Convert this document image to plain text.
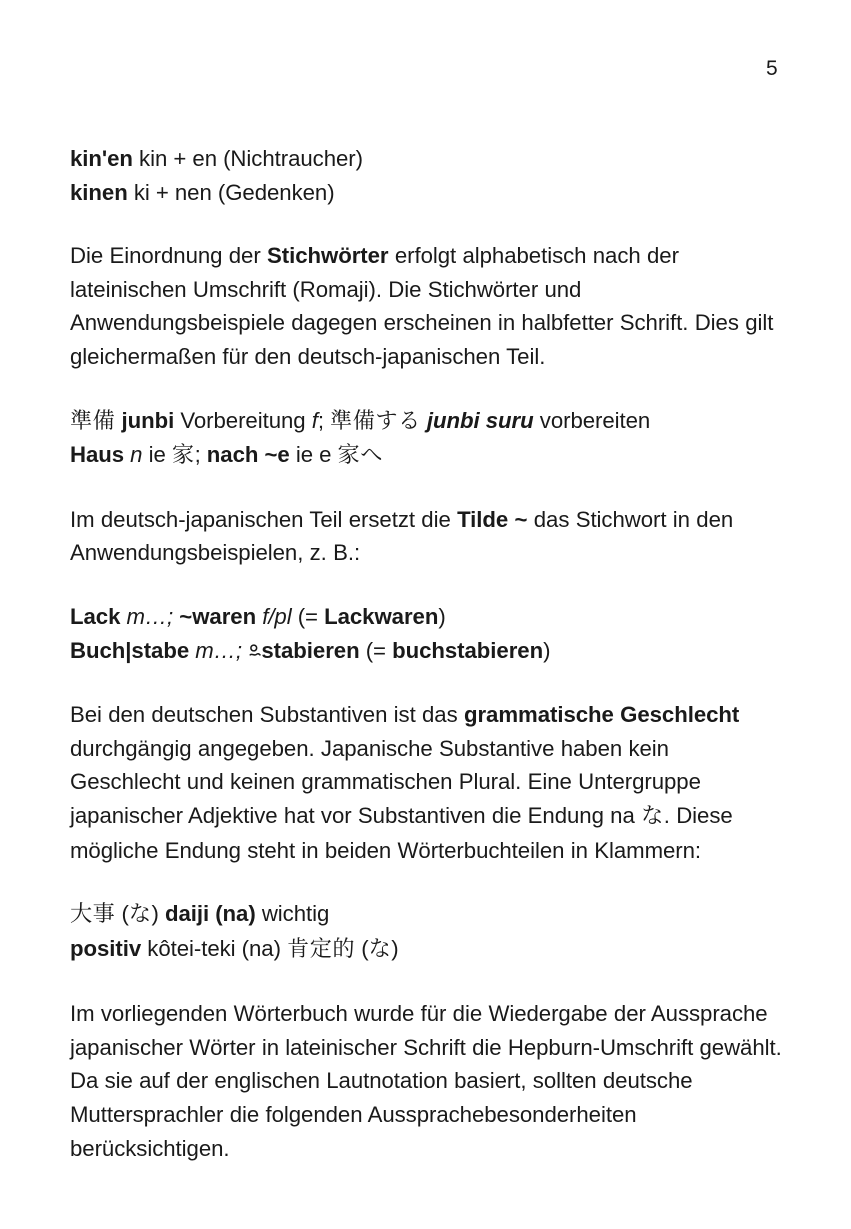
5
kin'en kin + en (Nichtraucher)
kinen ki + nen (Gedenken)

Die Einordnung der Stichwörter erfolgt alphabetisch nach der lateinischen Umschrift (Romaji). Die Stichwörter und Anwendungsbeispiele dagegen erscheinen in halbfetter Schrift. Dies gilt gleichermaßen für den deutsch-japanischen Teil.

準備 junbi Vorbereitung f; 準備する junbi suru vorbereiten
Haus n ie 家; nach ~e ie e 家へ

Im deutsch-japanischen Teil ersetzt die Tilde ~ das Stichwort in den Anwendungsbeispielen, z. B.:

Lack m…; ~waren f/pl (= Lackwaren)
Buch|stabe m…; stabieren (= buchstabieren)

Bei den deutschen Substantiven ist das grammatische Geschlecht durchgängig angegeben. Japanische Substantive haben kein Geschlecht und keinen grammatischen Plural. Eine Untergruppe japanischer Adjektive hat vor Substantiven die Endung na な. Diese mögliche Endung steht in beiden Wörterbuchteilen in Klammern:

大事 (な) daiji (na) wichtig
positiv kôtei-teki (na) 肯定的 (な)

Im vorliegenden Wörterbuch wurde für die Wiedergabe der Aussprache japanischer Wörter in lateinischer Schrift die Hepburn-Umschrift gewählt. Da sie auf der englischen Lautnotation basiert, sollten deutsche Muttersprachler die folgenden Aussprachebesonderheiten berücksichtigen.
